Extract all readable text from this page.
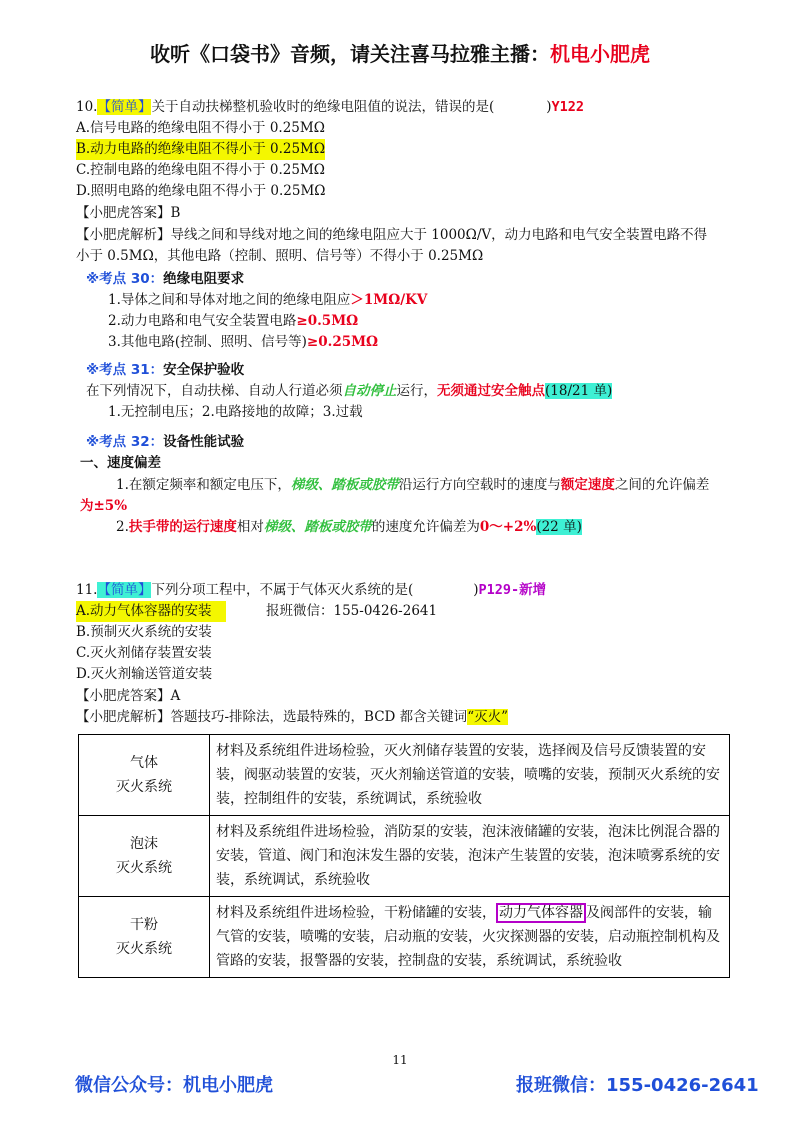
收听《口袋书》音频，请关注喜马拉雅主播：机电小肥虎
10.【简单】关于自动扶梯整机验收时的绝缘电阻值的说法，错误的是(	)Y122
A.信号电路的绝缘电阻不得小于 0.25MΩ
B.动力电路的绝缘电阻不得小于 0.25MΩ
C.控制电路的绝缘电阻不得小于 0.25MΩ
D.照明电路的绝缘电阻不得小于 0.25MΩ
【小肥虎答案】B
【小肥虎解析】导线之间和导线对地之间的绝缘电阻应大于 1000Ω/V，动力电路和电气安全装置电路不得
小于 0.5MΩ，其他电路（控制、照明、信号等）不得小于 0.25MΩ
※考点 30：绝缘电阻要求
1.导体之间和导体对地之间的绝缘电阻应＞1MΩ/KV
2.动力电路和电气安全装置电路≥0.5MΩ
3.其他电路(控制、照明、信号等)≥0.25MΩ
※考点 31：安全保护验收
在下列情况下，自动扶梯、自动人行道必须自动停止运行，无须通过安全触点(18/21 单)
1.无控制电压；2.电路接地的故障；3.过载
※考点 32：设备性能试验
一、速度偏差
1.在额定频率和额定电压下，梯级、踏板或胶带沿运行方向空载时的速度与额定速度之间的允许偏差
为±5%
2.扶手带的运行速度相对梯级、踏板或胶带的速度允许偏差为0～+2%(22 单)
11.【简单】下列分项工程中，不属于气体灭火系统的是(	)P129-新增
A.动力气体容器的安装	报班微信：155-0426-2641
B.预制灭火系统的安装
C.灭火剂储存装置安装
D.灭火剂输送管道安装
【小肥虎答案】A
【小肥虎解析】答题技巧-排除法，选最特殊的，BCD 都含关键词“灭火”
气体
灭火系统	材料及系统组件进场检验，灭火剂储存装置的安装，选择阀及信号反馈装置的安装，阀驱动装置的安装，灭火剂输送管道的安装，喷嘴的安装，预制灭火系统的安装，控制组件的安装，系统调试，系统验收
泡沫
灭火系统	材料及系统组件进场检验，消防泵的安装，泡沫液储罐的安装，泡沫比例混合器的安装，管道、阀门和泡沫发生器的安装，泡沫产生装置的安装，泡沫喷雾系统的安装，系统调试，系统验收
干粉
灭火系统	材料及系统组件进场检验，干粉储罐的安装， 动力气体容器 及阀部件的安装，输气管的安装，喷嘴的安装，启动瓶的安装，火灾探测器的安装，启动瓶控制机构及管路的安装，报警器的安装，控制盘的安装，系统调试，系统验收
11
微信公众号：机电小肥虎	报班微信：155-0426-2641
